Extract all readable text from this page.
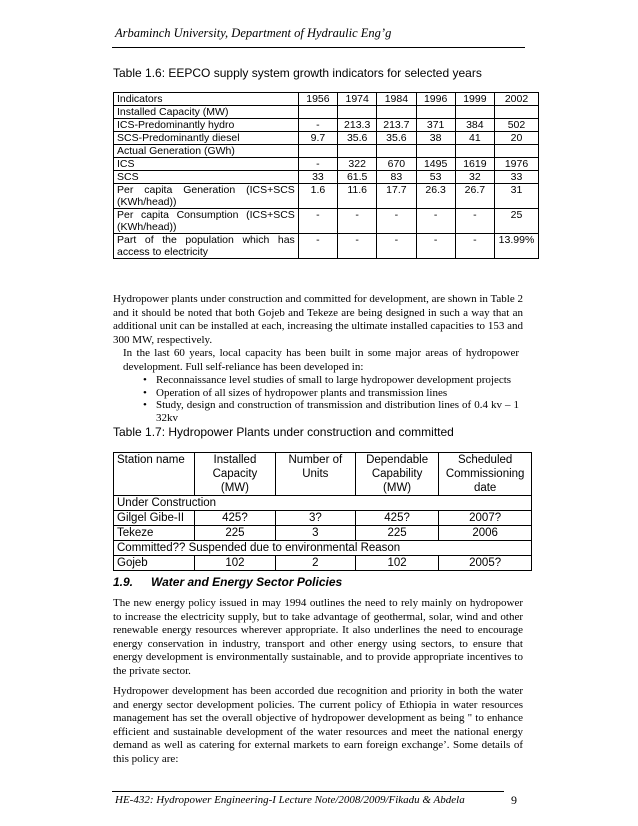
Arbaminch University, Department of Hydraulic Eng’g
Table 1.6: EEPCO supply system growth indicators for selected years
Indicators	1956	1974	1984	1996	1999	2002
Installed Capacity (MW)						
ICS-Predominantly hydro	-	213.3	213.7	371	384	502
SCS-Predominantly diesel	9.7	35.6	35.6	38	41	20
Actual Generation (GWh)						
ICS	-	322	670	1495	1619	1976
SCS	33	61.5	83	53	32	33
Per capita Generation (ICS+SCS (KWh/head))	1.6	11.6	17.7	26.3	26.7	31
Per capita Consumption (ICS+SCS (KWh/head))	-	-	-	-	-	25
Part of the population which has access to electricity	-	-	-	-	-	13.99%
Hydropower plants under construction and committed for development, are shown in Table 2 and it should be noted that both Gojeb and Tekeze are being designed in such a way that an additional unit can be installed at each, increasing the ultimate installed capacities to 153 and 300 MW, respectively.
In the last 60 years, local capacity has been built in some major areas of hydropower development. Full self-reliance has been developed in:
• Reconnaissance level studies of small to large hydropower development projects
• Operation of all sizes of hydropower plants and transmission lines
• Study, design and construction of transmission and distribution lines of 0.4 kv – 1 32kv
Table 1.7: Hydropower Plants under construction and committed
Station name	Installed Capacity (MW)	Number of Units	Dependable Capability (MW)	Scheduled Commissioning date
Under Construction				
Gilgel Gibe-II	425?	3?	425?	2007?
Tekeze	225	3	225	2006
Committed?? Suspended due to environmental Reason				
Gojeb	102	2	102	2005?
1.9. Water and Energy Sector Policies
The new energy policy issued in may 1994 outlines the need to rely mainly on hydropower to increase the electricity supply, but to take advantage of geothermal, solar, wind and other renewable energy resources wherever appropriate. It also underlines the need to encourage energy conservation in industry, transport and other energy using sectors, to ensure that energy development is environmentally sustainable, and to provide appropriate incentives to the private sector.
Hydropower development has been accorded due recognition and priority in both the water and energy sector development policies. The current policy of Ethiopia in water resources management has set the overall objective of hydropower development as being " to enhance efficient and sustainable development of the water resources and meet the national energy demand as well as catering for external markets to earn foreign exchange’. Some details of this policy are:
HE-432: Hydropower Engineering-I Lecture Note/2008/2009/Fikadu & Abdela	9
